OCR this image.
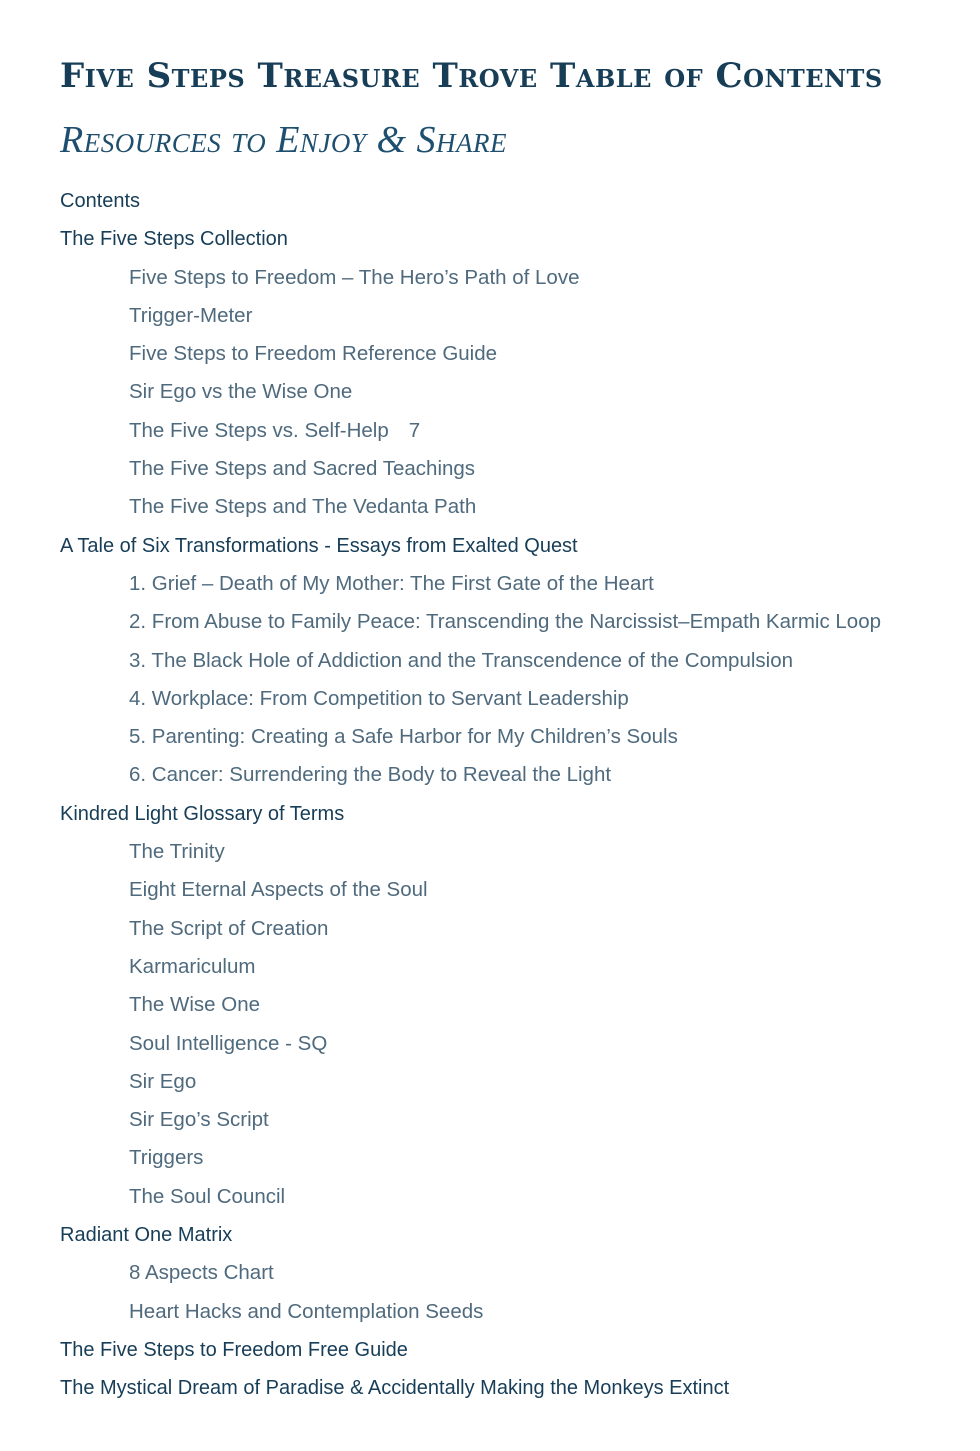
Five Steps Treasure Trove Table of Contents
Resources to Enjoy & Share
Contents
The Five Steps Collection
Five Steps to Freedom – The Hero’s Path of Love
Trigger-Meter
Five Steps to Freedom Reference Guide
Sir Ego vs the Wise One
The Five Steps vs. Self-Help 7
The Five Steps and Sacred Teachings
The Five Steps and The Vedanta Path
A Tale of Six Transformations - Essays from Exalted Quest
1. Grief – Death of My Mother: The First Gate of the Heart
2. From Abuse to Family Peace: Transcending the Narcissist–Empath Karmic Loop
3. The Black Hole of Addiction and the Transcendence of the Compulsion
4. Workplace: From Competition to Servant Leadership
5. Parenting: Creating a Safe Harbor for My Children’s Souls
6. Cancer: Surrendering the Body to Reveal the Light
Kindred Light Glossary of Terms
The Trinity
Eight Eternal Aspects of the Soul
The Script of Creation
Karmariculum
The Wise One
Soul Intelligence - SQ
Sir Ego
Sir Ego’s Script
Triggers
The Soul Council
Radiant One Matrix
8 Aspects Chart
Heart Hacks and Contemplation Seeds
The Five Steps to Freedom Free Guide
The Mystical Dream of Paradise & Accidentally Making the Monkeys Extinct
